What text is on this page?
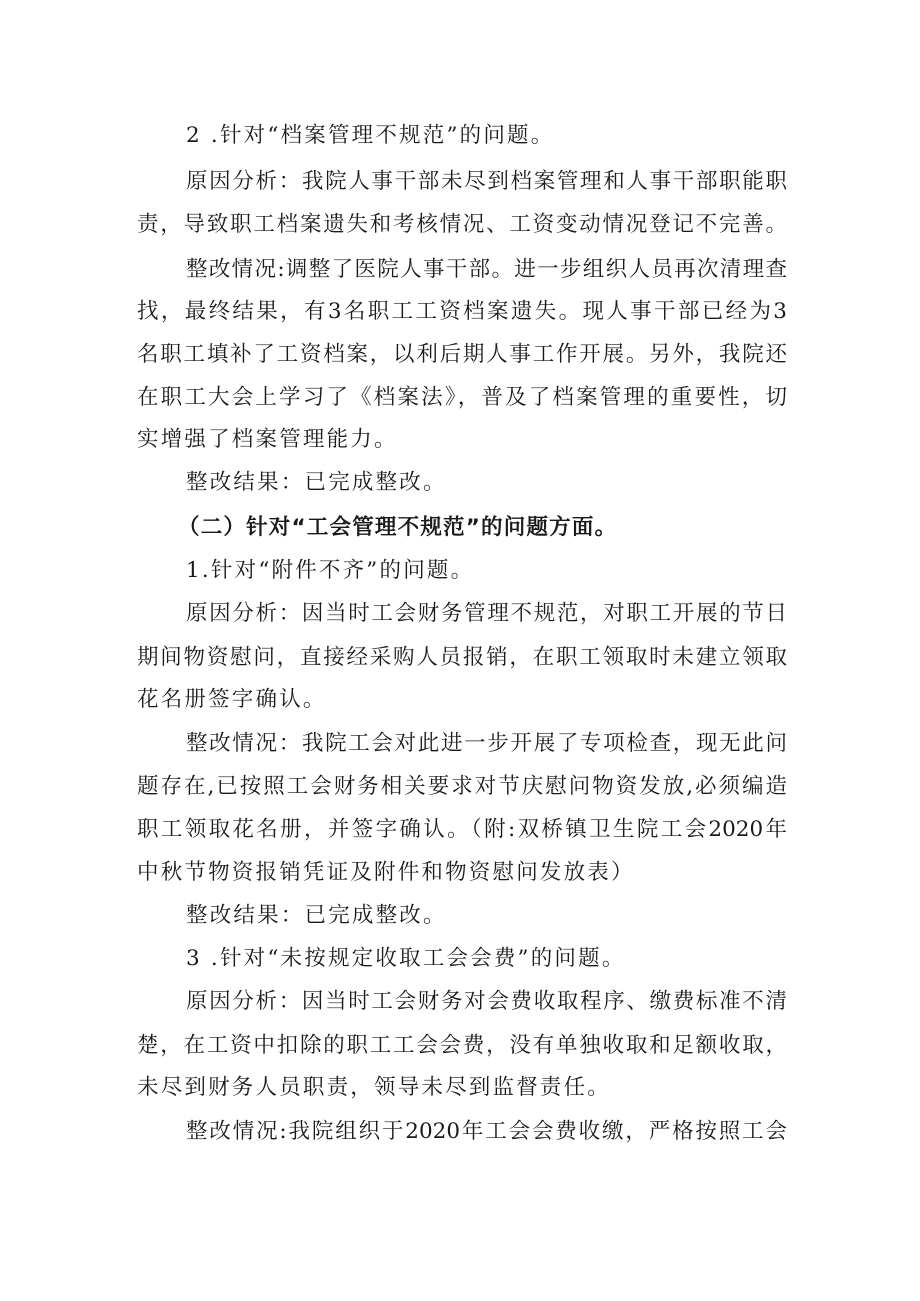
2 .针对“档案管理不规范”的问题。
原因分析：我院人事干部未尽到档案管理和人事干部职能职
责，导致职工档案遗失和考核情况、工资变动情况登记不完善。
整改情况:调整了医院人事干部。进一步组织人员再次清理查
找，最终结果，有3名职工工资档案遗失。现人事干部已经为3
名职工填补了工资档案，以利后期人事工作开展。另外，我院还
在职工大会上学习了《档案法》，普及了档案管理的重要性，切
实增强了档案管理能力。
整改结果：已完成整改。
（二）针对“工会管理不规范”的问题方面。
1.针对“附件不齐”的问题。
原因分析：因当时工会财务管理不规范，对职工开展的节日
期间物资慰问，直接经采购人员报销，在职工领取时未建立领取
花名册签字确认。
整改情况：我院工会对此进一步开展了专项检查，现无此问
题存在,已按照工会财务相关要求对节庆慰问物资发放,必须编造
职工领取花名册，并签字确认。（附:双桥镇卫生院工会2020年
中秋节物资报销凭证及附件和物资慰问发放表）
整改结果：已完成整改。
3 .针对“未按规定收取工会会费”的问题。
原因分析：因当时工会财务对会费收取程序、缴费标准不清
楚，在工资中扣除的职工工会会费，没有单独收取和足额收取，
未尽到财务人员职责，领导未尽到监督责任。
整改情况:我院组织于2020年工会会费收缴，严格按照工会
